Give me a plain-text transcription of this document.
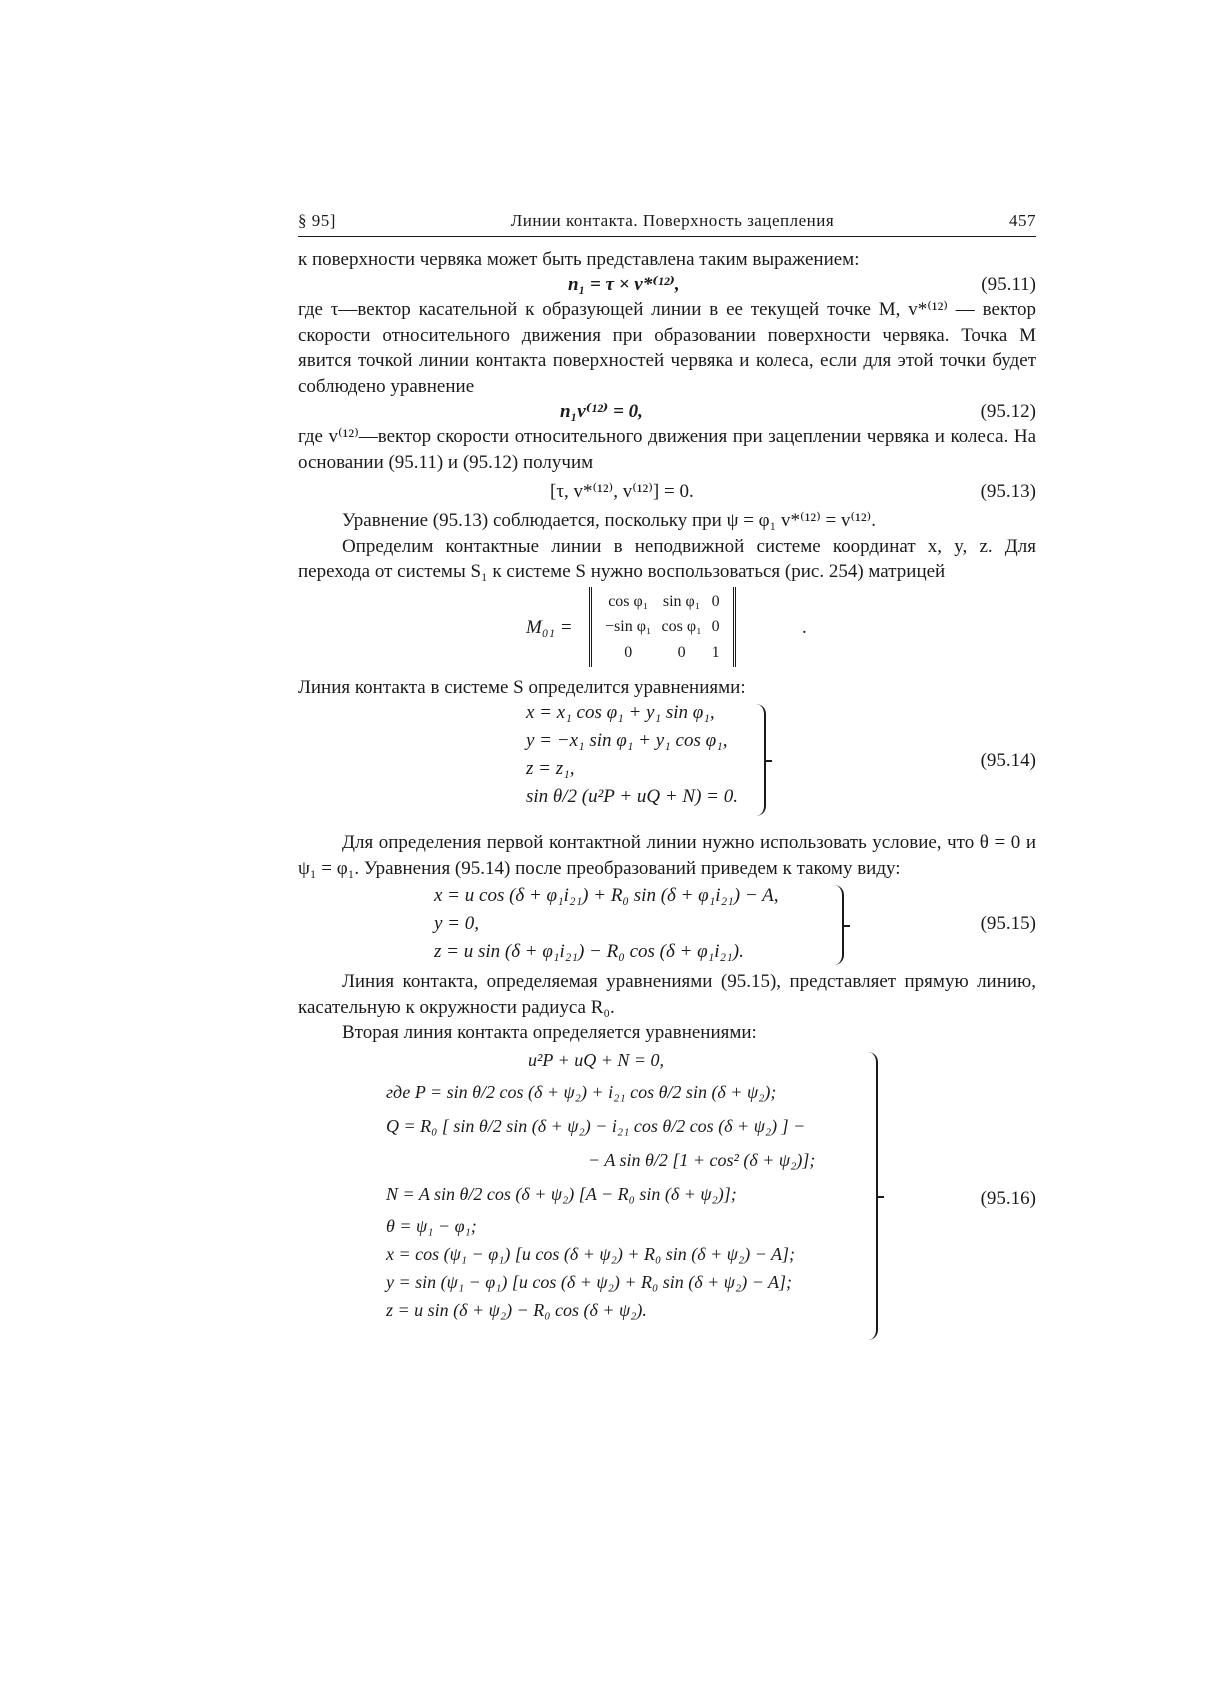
§ 95]	Линии контакта. Поверхность зацепления	457

к поверхности червяка может быть представлена таким выражением:

n₁ = τ × v*⁽¹²⁾,	(95.11)

где τ—вектор касательной к образующей линии в ее текущей точке M, v*⁽¹²⁾ — вектор скорости относительного движения при образовании поверхности червяка. Точка M явится точкой линии контакта поверхностей червяка и колеса, если для этой точки будет соблюдено уравнение

n₁v⁽¹²⁾ = 0,	(95.12)

где v⁽¹²⁾—вектор скорости относительного движения при зацеплении червяка и колеса. На основании (95.11) и (95.12) получим

[τ, v*⁽¹²⁾, v⁽¹²⁾] = 0.	(95.13)

Уравнение (95.13) соблюдается, поскольку при ψ = φ₁ v*⁽¹²⁾ = v⁽¹²⁾.

Определим контактные линии в неподвижной системе координат x, y, z. Для перехода от системы S₁ к системе S нужно воспользоваться (рис. 254) матрицей

M₀₁ =
cos φ₁	sin φ₁	0
−sin φ₁	cos φ₁	0
0	0	1
.

Линия контакта в системе S определится уравнениями:

x = x₁ cos φ₁ + y₁ sin φ₁,
y = −x₁ sin φ₁ + y₁ cos φ₁,
z = z₁,
sin θ/2 (u²P + uQ + N) = 0.
(95.14)

Для определения первой контактной линии нужно использовать условие, что θ = 0 и ψ₁ = φ₁. Уравнения (95.14) после преобразований приведем к такому виду:

x = u cos (δ + φ₁i₂₁) + R₀ sin (δ + φ₁i₂₁) − A,
y = 0,
z = u sin (δ + φ₁i₂₁) − R₀ cos (δ + φ₁i₂₁).
(95.15)

Линия контакта, определяемая уравнениями (95.15), представляет прямую линию, касательную к окружности радиуса R₀.

Вторая линия контакта определяется уравнениями:

u²P + uQ + N = 0,
где P = sin θ/2 cos (δ + ψ₂) + i₂₁ cos θ/2 sin (δ + ψ₂);
Q = R₀ [ sin θ/2 sin (δ + ψ₂) − i₂₁ cos θ/2 cos (δ + ψ₂) ] −
− A sin θ/2 [1 + cos² (δ + ψ₂)];
N = A sin θ/2 cos (δ + ψ₂) [A − R₀ sin (δ + ψ₂)];
θ = ψ₁ − φ₁;
x = cos (ψ₁ − φ₁) [u cos (δ + ψ₂) + R₀ sin (δ + ψ₂) − A];
y = sin (ψ₁ − φ₁) [u cos (δ + ψ₂) + R₀ sin (δ + ψ₂) − A];
z = u sin (δ + ψ₂) − R₀ cos (δ + ψ₂).
(95.16)
